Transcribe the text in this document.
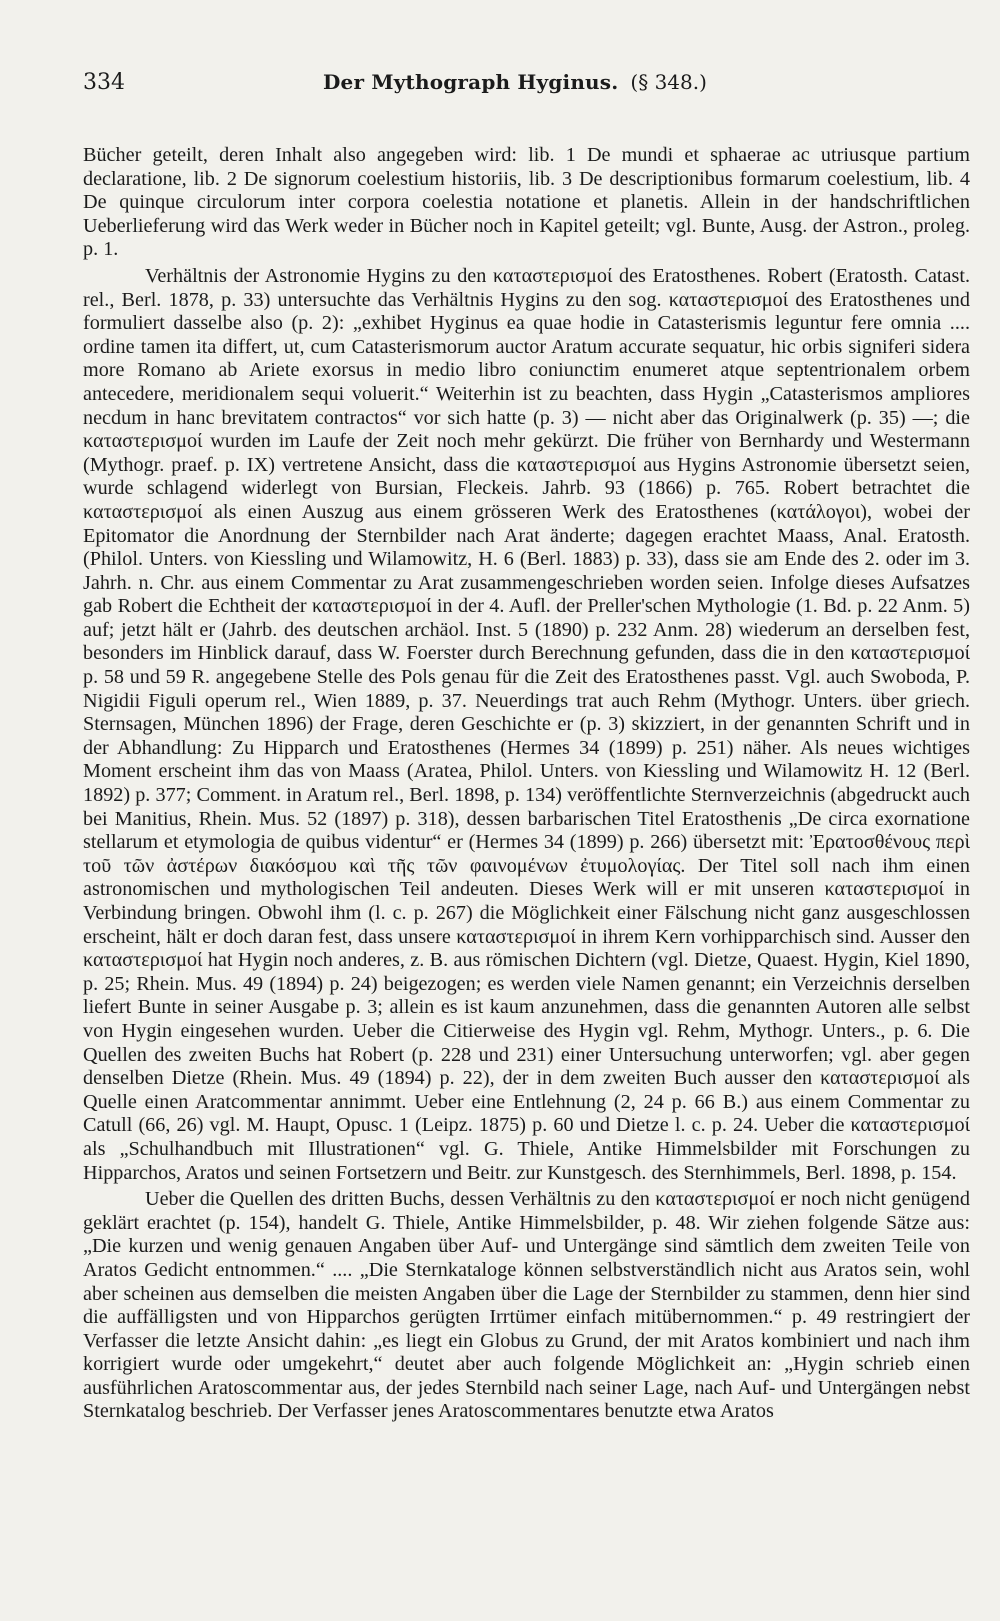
334	Der Mythograph Hyginus. (§ 348.)

Bücher geteilt, deren Inhalt also angegeben wird: lib. 1 De mundi et sphaerae ac utriusque partium declaratione, lib. 2 De signorum coelestium historiis, lib. 3 De descriptionibus formarum coelestium, lib. 4 De quinque circulorum inter corpora coelestia notatione et planetis. Allein in der handschriftlichen Ueberlieferung wird das Werk weder in Bücher noch in Kapitel geteilt; vgl. Bunte, Ausg. der Astron., proleg. p. 1.

Verhältnis der Astronomie Hygins zu den καταστερισμοί des Eratosthenes. Robert (Eratosth. Catast. rel., Berl. 1878, p. 33) untersuchte das Verhältnis Hygins zu den sog. καταστερισμοί des Eratosthenes und formuliert dasselbe also (p. 2): „exhibet Hyginus ea quae hodie in Catasterismis leguntur fere omnia .... ordine tamen ita differt, ut, cum Catasterismorum auctor Aratum accurate sequatur, hic orbis signiferi sidera more Romano ab Ariete exorsus in medio libro coniunctim enumeret atque septentrionalem orbem antecedere, meridionalem sequi voluerit.“ Weiterhin ist zu beachten, dass Hygin „Catasterismos ampliores necdum in hanc brevitatem contractos“ vor sich hatte (p. 3) — nicht aber das Originalwerk (p. 35) —; die καταστερισμοί wurden im Laufe der Zeit noch mehr gekürzt. Die früher von Bernhardy und Westermann (Mythogr. praef. p. IX) vertretene Ansicht, dass die καταστερισμοί aus Hygins Astronomie übersetzt seien, wurde schlagend widerlegt von Bursian, Fleckeis. Jahrb. 93 (1866) p. 765. Robert betrachtet die καταστερισμοί als einen Auszug aus einem grösseren Werk des Eratosthenes (κατάλογοι), wobei der Epitomator die Anordnung der Sternbilder nach Arat änderte; dagegen erachtet Maass, Anal. Eratosth. (Philol. Unters. von Kiessling und Wilamowitz, H. 6 (Berl. 1883) p. 33), dass sie am Ende des 2. oder im 3. Jahrh. n. Chr. aus einem Commentar zu Arat zusammengeschrieben worden seien. Infolge dieses Aufsatzes gab Robert die Echtheit der καταστερισμοί in der 4. Aufl. der Preller'schen Mythologie (1. Bd. p. 22 Anm. 5) auf; jetzt hält er (Jahrb. des deutschen archäol. Inst. 5 (1890) p. 232 Anm. 28) wiederum an derselben fest, besonders im Hinblick darauf, dass W. Foerster durch Berechnung gefunden, dass die in den καταστερισμοί p. 58 und 59 R. angegebene Stelle des Pols genau für die Zeit des Eratosthenes passt. Vgl. auch Swoboda, P. Nigidii Figuli operum rel., Wien 1889, p. 37. Neuerdings trat auch Rehm (Mythogr. Unters. über griech. Sternsagen, München 1896) der Frage, deren Geschichte er (p. 3) skizziert, in der genannten Schrift und in der Abhandlung: Zu Hipparch und Eratosthenes (Hermes 34 (1899) p. 251) näher. Als neues wichtiges Moment erscheint ihm das von Maass (Aratea, Philol. Unters. von Kiessling und Wilamowitz H. 12 (Berl. 1892) p. 377; Comment. in Aratum rel., Berl. 1898, p. 134) veröffentlichte Sternverzeichnis (abgedruckt auch bei Manitius, Rhein. Mus. 52 (1897) p. 318), dessen barbarischen Titel Eratosthenis „De circa exornatione stellarum et etymologia de quibus videntur“ er (Hermes 34 (1899) p. 266) übersetzt mit: Ἐρατοσθένους περὶ τοῦ τῶν ἀστέρων διακόσμου καὶ τῆς τῶν φαινομένων ἐτυμολογίας. Der Titel soll nach ihm einen astronomischen und mythologischen Teil andeuten. Dieses Werk will er mit unseren καταστερισμοί in Verbindung bringen. Obwohl ihm (l. c. p. 267) die Möglichkeit einer Fälschung nicht ganz ausgeschlossen erscheint, hält er doch daran fest, dass unsere καταστερισμοί in ihrem Kern vorhipparchisch sind. Ausser den καταστερισμοί hat Hygin noch anderes, z. B. aus römischen Dichtern (vgl. Dietze, Quaest. Hygin, Kiel 1890, p. 25; Rhein. Mus. 49 (1894) p. 24) beigezogen; es werden viele Namen genannt; ein Verzeichnis derselben liefert Bunte in seiner Ausgabe p. 3; allein es ist kaum anzunehmen, dass die genannten Autoren alle selbst von Hygin eingesehen wurden. Ueber die Citierweise des Hygin vgl. Rehm, Mythogr. Unters., p. 6. Die Quellen des zweiten Buchs hat Robert (p. 228 und 231) einer Untersuchung unterworfen; vgl. aber gegen denselben Dietze (Rhein. Mus. 49 (1894) p. 22), der in dem zweiten Buch ausser den καταστερισμοί als Quelle einen Aratcommentar annimmt. Ueber eine Entlehnung (2, 24 p. 66 B.) aus einem Commentar zu Catull (66, 26) vgl. M. Haupt, Opusc. 1 (Leipz. 1875) p. 60 und Dietze l. c. p. 24. Ueber die καταστερισμοί als „Schulhandbuch mit Illustrationen“ vgl. G. Thiele, Antike Himmelsbilder mit Forschungen zu Hipparchos, Aratos und seinen Fortsetzern und Beitr. zur Kunstgesch. des Sternhimmels, Berl. 1898, p. 154.

Ueber die Quellen des dritten Buchs, dessen Verhältnis zu den καταστερισμοί er noch nicht genügend geklärt erachtet (p. 154), handelt G. Thiele, Antike Himmelsbilder, p. 48. Wir ziehen folgende Sätze aus: „Die kurzen und wenig genauen Angaben über Auf- und Untergänge sind sämtlich dem zweiten Teile von Aratos Gedicht entnommen.“ .... „Die Sternkataloge können selbstverständlich nicht aus Aratos sein, wohl aber scheinen aus demselben die meisten Angaben über die Lage der Sternbilder zu stammen, denn hier sind die auffälligsten und von Hipparchos gerügten Irrtümer einfach mitübernommen.“ p. 49 restringiert der Verfasser die letzte Ansicht dahin: „es liegt ein Globus zu Grund, der mit Aratos kombiniert und nach ihm korrigiert wurde oder umgekehrt,“ deutet aber auch folgende Möglichkeit an: „Hygin schrieb einen ausführlichen Aratoscommentar aus, der jedes Sternbild nach seiner Lage, nach Auf- und Untergängen nebst Sternkatalog beschrieb. Der Verfasser jenes Aratoscommentares benutzte etwa Aratos
